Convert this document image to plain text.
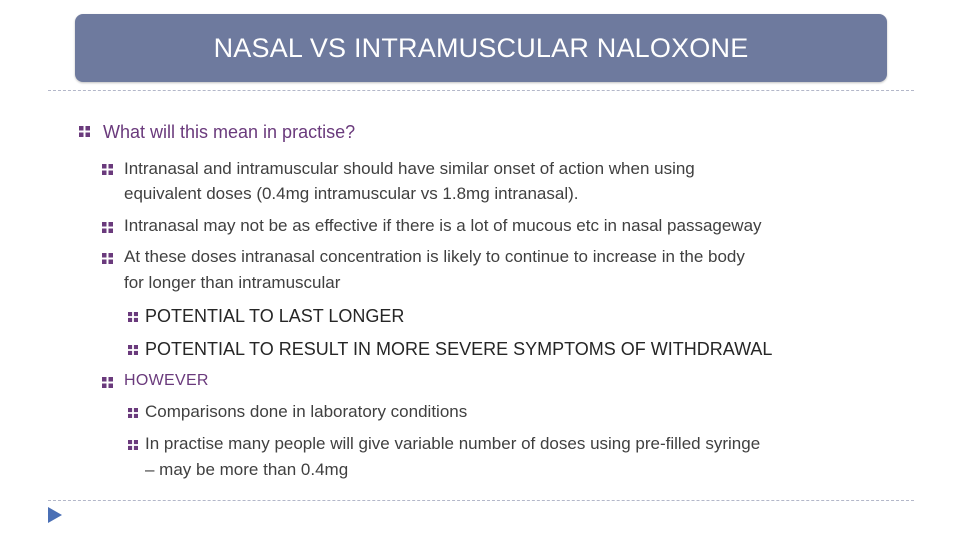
NASAL VS INTRAMUSCULAR NALOXONE
What will this mean in practise?
Intranasal and intramuscular should have similar onset of action when using
equivalent doses (0.4mg intramuscular vs 1.8mg intranasal).
Intranasal may not be as effective if there is a lot of mucous etc in nasal passageway
At these doses intranasal concentration is likely to continue to increase in the body
for longer than intramuscular
POTENTIAL TO LAST LONGER
POTENTIAL TO RESULT IN MORE SEVERE SYMPTOMS OF WITHDRAWAL
HOWEVER
Comparisons done in laboratory conditions
In practise many people will give variable number of doses using pre-filled syringe
– may be more than 0.4mg
